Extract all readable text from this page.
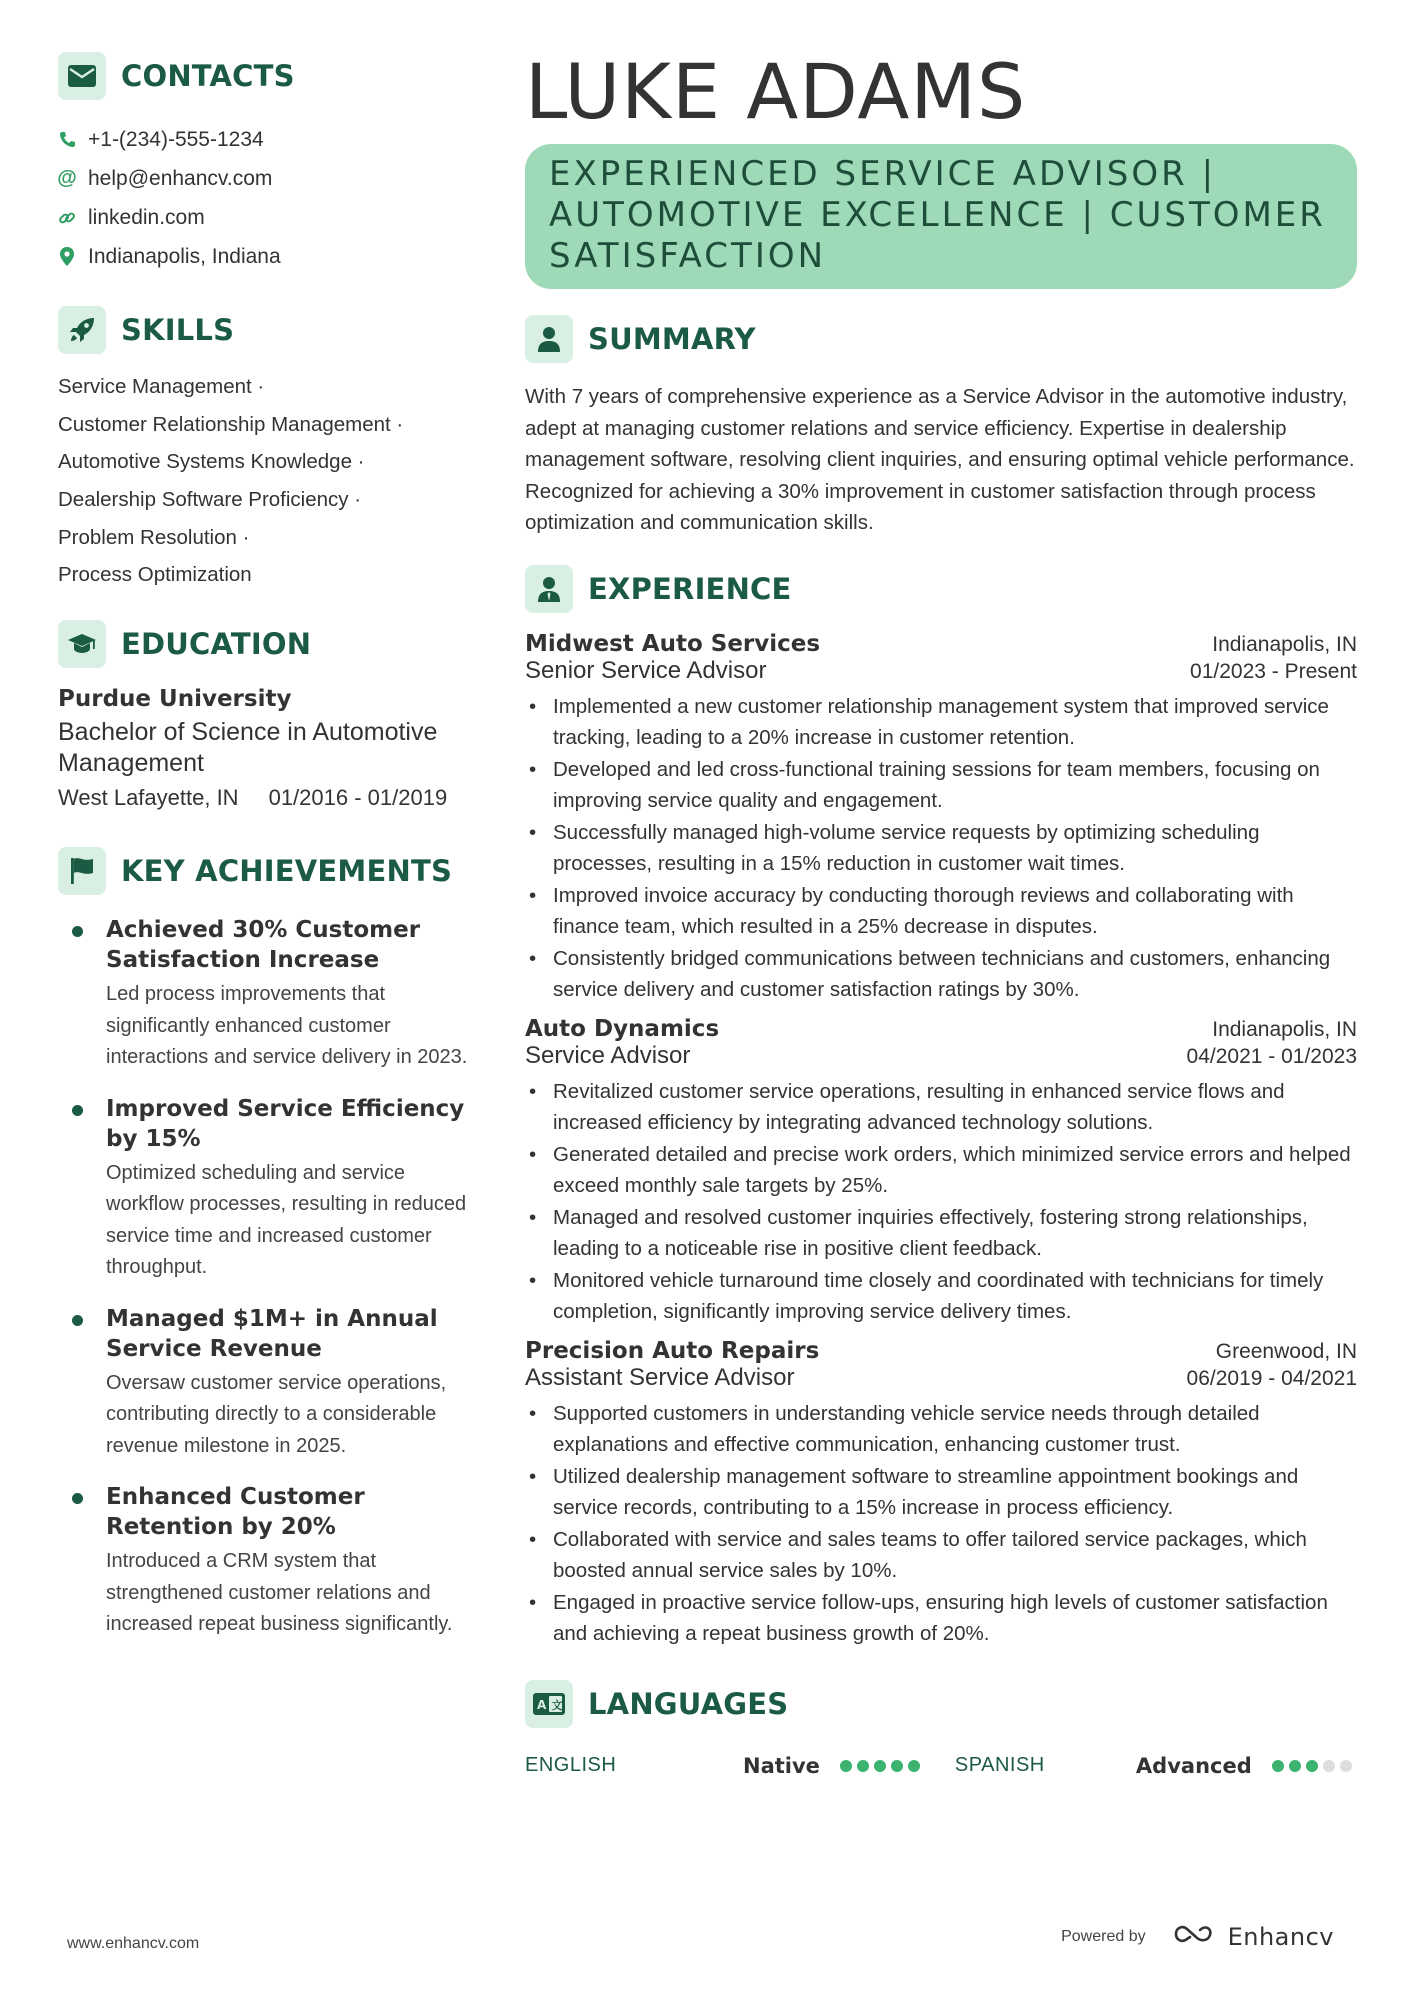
CONTACTS
+1-(234)-555-1234
@ help@enhancv.com
linkedin.com
Indianapolis, Indiana
SKILLS
Service Management ·
Customer Relationship Management ·
Automotive Systems Knowledge ·
Dealership Software Proficiency ·
Problem Resolution ·
Process Optimization
EDUCATION
Purdue University
Bachelor of Science in Automotive Management
West Lafayette, IN 01/2016 - 01/2019
KEY ACHIEVEMENTS
Achieved 30% Customer Satisfaction Increase
Led process improvements that significantly enhanced customer interactions and service delivery in 2023.
Improved Service Efficiency by 15%
Optimized scheduling and service workflow processes, resulting in reduced service time and increased customer throughput.
Managed $1M+ in Annual Service Revenue
Oversaw customer service operations, contributing directly to a considerable revenue milestone in 2025.
Enhanced Customer Retention by 20%
Introduced a CRM system that strengthened customer relations and increased repeat business significantly.
LUKE ADAMS
EXPERIENCED SERVICE ADVISOR | AUTOMOTIVE EXCELLENCE | CUSTOMER SATISFACTION
SUMMARY
With 7 years of comprehensive experience as a Service Advisor in the automotive industry, adept at managing customer relations and service efficiency. Expertise in dealership management software, resolving client inquiries, and ensuring optimal vehicle performance. Recognized for achieving a 30% improvement in customer satisfaction through process optimization and communication skills.
EXPERIENCE
Midwest Auto Services	Indianapolis, IN
Senior Service Advisor	01/2023 - Present
• Implemented a new customer relationship management system that improved service tracking, leading to a 20% increase in customer retention.
• Developed and led cross-functional training sessions for team members, focusing on improving service quality and engagement.
• Successfully managed high-volume service requests by optimizing scheduling processes, resulting in a 15% reduction in customer wait times.
• Improved invoice accuracy by conducting thorough reviews and collaborating with finance team, which resulted in a 25% decrease in disputes.
• Consistently bridged communications between technicians and customers, enhancing service delivery and customer satisfaction ratings by 30%.
Auto Dynamics	Indianapolis, IN
Service Advisor	04/2021 - 01/2023
• Revitalized customer service operations, resulting in enhanced service flows and increased efficiency by integrating advanced technology solutions.
• Generated detailed and precise work orders, which minimized service errors and helped exceed monthly sale targets by 25%.
• Managed and resolved customer inquiries effectively, fostering strong relationships, leading to a noticeable rise in positive client feedback.
• Monitored vehicle turnaround time closely and coordinated with technicians for timely completion, significantly improving service delivery times.
Precision Auto Repairs	Greenwood, IN
Assistant Service Advisor	06/2019 - 04/2021
• Supported customers in understanding vehicle service needs through detailed explanations and effective communication, enhancing customer trust.
• Utilized dealership management software to streamline appointment bookings and service records, contributing to a 15% increase in process efficiency.
• Collaborated with service and sales teams to offer tailored service packages, which boosted annual service sales by 10%.
• Engaged in proactive service follow-ups, ensuring high levels of customer satisfaction and achieving a repeat business growth of 20%.
A 文 LANGUAGES
ENGLISH	Native	SPANISH	Advanced
www.enhancv.com	Powered by	Enhancv
